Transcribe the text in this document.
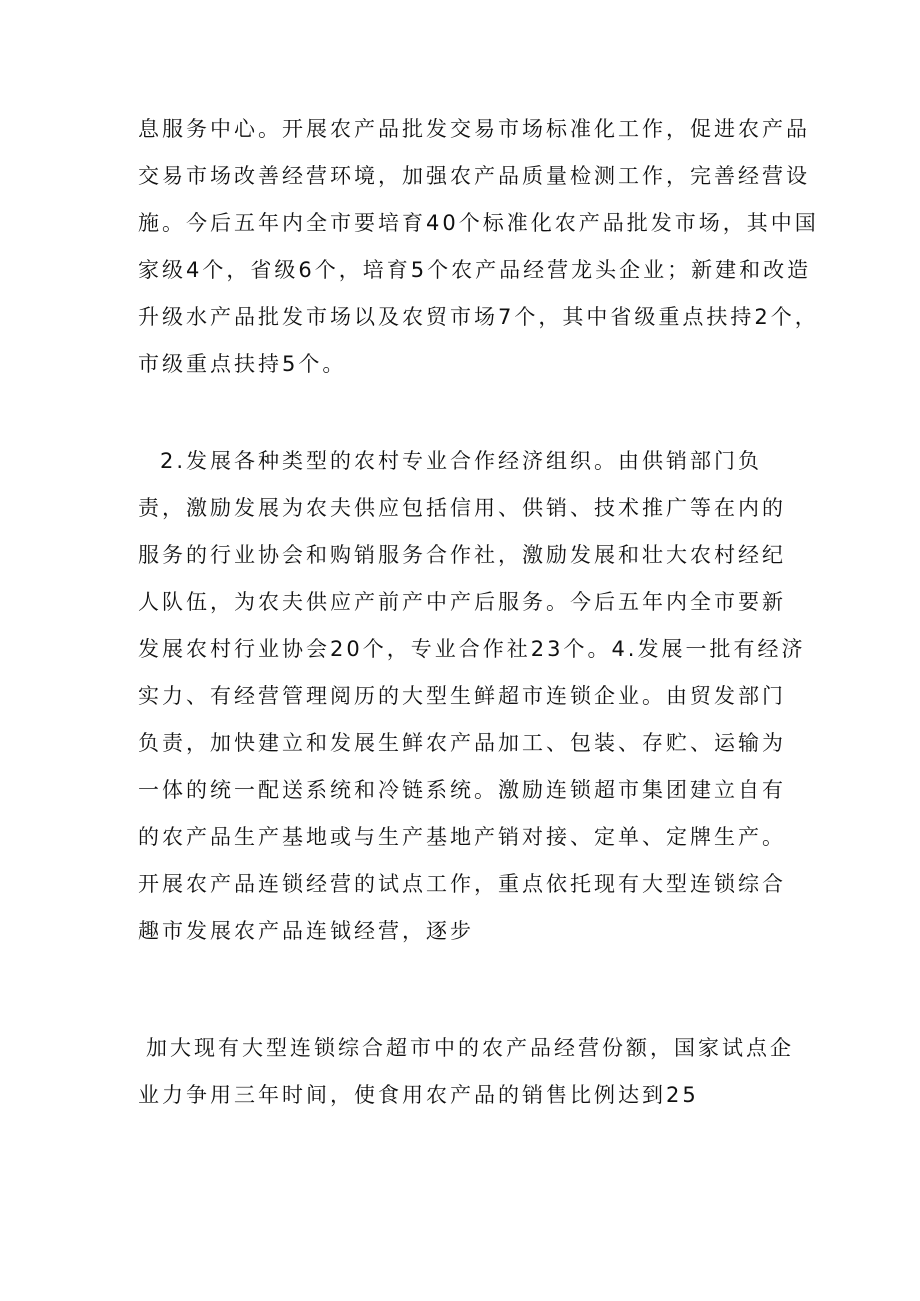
息服务中心。开展农产品批发交易市场标准化工作，促进农产品
交易市场改善经营环境，加强农产品质量检测工作，完善经营设
施。今后五年内全市要培育40个标准化农产品批发市场，其中国
家级4个，省级6个，培育5个农产品经营龙头企业；新建和改造
升级水产品批发市场以及农贸市场7个，其中省级重点扶持2个，
市级重点扶持5个。
2.发展各种类型的农村专业合作经济组织。由供销部门负
责，激励发展为农夫供应包括信用、供销、技术推广等在内的
服务的行业协会和购销服务合作社，激励发展和壮大农村经纪
人队伍，为农夫供应产前产中产后服务。今后五年内全市要新
发展农村行业协会20个，专业合作社23个。4.发展一批有经济
实力、有经营管理阅历的大型生鲜超市连锁企业。由贸发部门
负责，加快建立和发展生鲜农产品加工、包装、存贮、运输为
一体的统一配送系统和冷链系统。激励连锁超市集团建立自有
的农产品生产基地或与生产基地产销对接、定单、定牌生产。
开展农产品连锁经营的试点工作，重点依托现有大型连锁综合
趣市发展农产品连钺经营，逐步
加大现有大型连锁综合超市中的农产品经营份额，国家试点企
业力争用三年时间，使食用农产品的销售比例达到25
